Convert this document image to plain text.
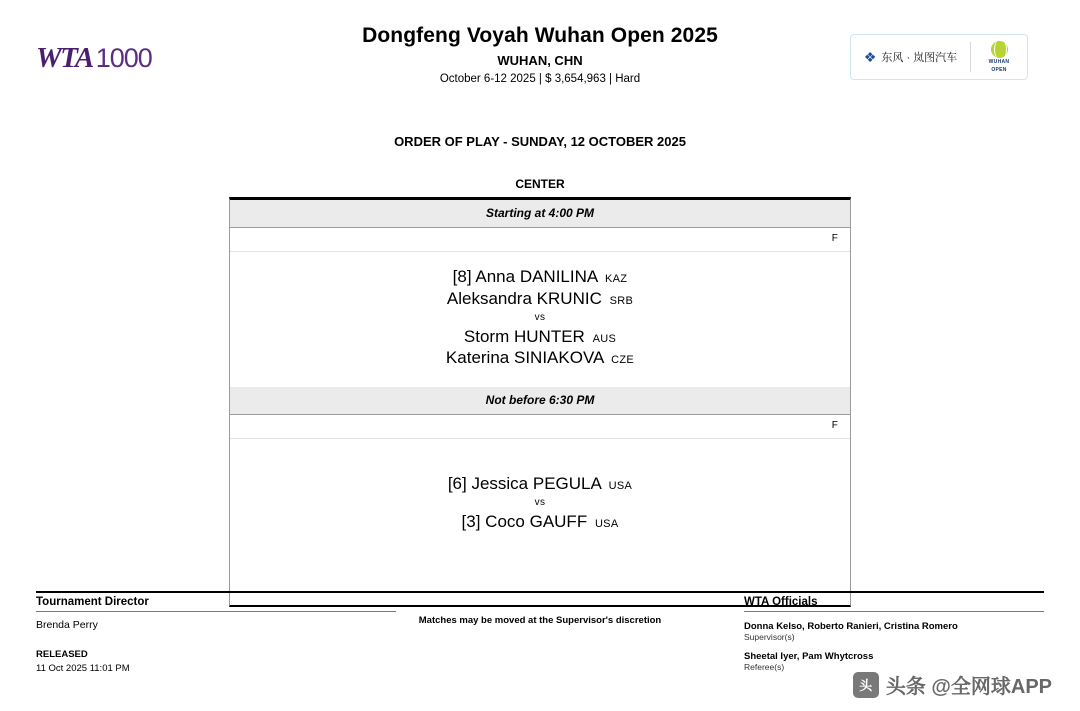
WTA 1000
Dongfeng Voyah Wuhan Open 2025
WUHAN, CHN
October 6-12 2025 | $ 3,654,963 | Hard
❖ 东风 · 岚图汽车	WUHAN
OPEN
ORDER OF PLAY - SUNDAY, 12 OCTOBER 2025
CENTER
Starting at 4:00 PM
F
[8] Anna DANILINA KAZ
Aleksandra KRUNIC SRB
vs
Storm HUNTER AUS
Katerina SINIAKOVA CZE
Not before 6:30 PM
F
[6] Jessica PEGULA USA
vs
[3] Coco GAUFF USA
Matches may be moved at the Supervisor's discretion
Tournament Director
Brenda Perry
RELEASED
11 Oct 2025 11:01 PM
WTA Officials
Donna Kelso, Roberto Ranieri, Cristina Romero
Supervisor(s)
Sheetal Iyer, Pam Whytcross
Referee(s)
头 头条 @全网球APP
